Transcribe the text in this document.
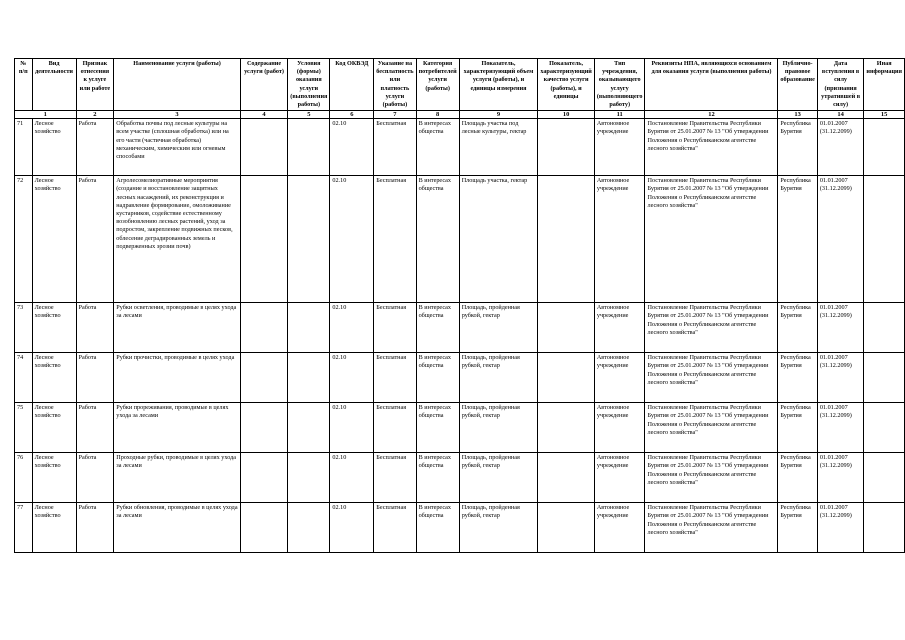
№ п/п	Вид деятельности	Признак отнесения к услуге или работе	Наименование услуги (работы)	Содержание услуги (работ)	Условия (формы) оказания услуги (выполнения работы)	Код ОКВЭД	Указание на бесплатность или платность услуги (работы)	Категория потребителей услуги (работы)	Показатель, характеризующий объем услуги (работы), и единицы измерения	Показатель, характеризующий качество услуги (работы), и единицы	Тип учреждения, оказывающего услугу (выполняющего работу)	Реквизиты НПА, являющихся основанием для оказания услуги (выполнения работы)	Публично-правовое образование	Дата вступления в силу (признания утратившей в силу)	Иная информация
1		2	3	4	5	6	7	8	9	10	11	12	13	14	15
71	Лесное хозяйство	Работа	Обработка почвы под лесные культуры на всем участке (сплошная обработка) или на его части (частичная обработка) механическим, химическим или огневым способами			02.10	Бесплатная	В интересах общества	Площадь участка под лесные культуры, гектар		Автономное учреждение	Постановление Правительства Республики Бурятия от 25.01.2007 № 13 "Об утверждении Положения о Республиканском агентстве лесного хозяйства"	Республика Бурятия	01.01.2007 (31.12.2099)	
72	Лесное хозяйство	Работа	Агролесомелиоративные мероприятия (создание и восстановление защитных лесных насаждений, их реконструкция и надравление формирование, омоложивание кустарников, содействие естественному возобновлению лесных растений, уход за подростом, закрепление подвижных песков, облесение деградированных земель и подверженных эрозии почв)			02.10	Бесплатная	В интересах общества	Площадь участка, гектар		Автономное учреждение	Постановление Правительства Республики Бурятия от 25.01.2007 № 13 "Об утверждении Положения о Республиканском агентстве лесного хозяйства"	Республика Бурятия	01.01.2007 (31.12.2099)	
73	Лесное хозяйство	Работа	Рубки осветления, проводимые в целях ухода за лесами			02.10	Бесплатная	В интересах общества	Площадь, пройденная рубкой, гектар		Автономное учреждение	Постановление Правительства Республики Бурятия от 25.01.2007 № 13 "Об утверждении Положения о Республиканском агентстве лесного хозяйства"	Республика Бурятия	01.01.2007 (31.12.2099)	
74	Лесное хозяйство	Работа	Рубки прочистки, проводимые в целях ухода			02.10	Бесплатная	В интересах общества	Площадь, пройденная рубкой, гектар		Автономное учреждение	Постановление Правительства Республики Бурятия от 25.01.2007 № 13 "Об утверждении Положения о Республиканском агентстве лесного хозяйства"	Республика Бурятия	01.01.2007 (31.12.2099)	
75	Лесное хозяйство	Работа	Рубки прореживания, проводимые в целях ухода за лесами			02.10	Бесплатная	В интересах общества	Площадь, пройденная рубкой, гектар		Автономное учреждение	Постановление Правительства Республики Бурятия от 25.01.2007 № 13 "Об утверждении Положения о Республиканском агентстве лесного хозяйства"	Республика Бурятия	01.01.2007 (31.12.2099)	
76	Лесное хозяйство	Работа	Проходные рубки, проводимые в целях ухода за лесами			02.10	Бесплатная	В интересах общества	Площадь, пройденная рубкой, гектар		Автономное учреждение	Постановление Правительства Республики Бурятия от 25.01.2007 № 13 "Об утверждении Положения о Республиканском агентстве лесного хозяйства"	Республика Бурятия	01.01.2007 (31.12.2099)	
77	Лесное хозяйство	Работа	Рубки обновления, проводимые в целях ухода за лесами			02.10	Бесплатная	В интересах общества	Площадь, пройденная рубкой, гектар		Автономное учреждение	Постановление Правительства Республики Бурятия от 25.01.2007 № 13 "Об утверждении Положения о Республиканском агентстве лесного хозяйства"	Республика Бурятия	01.01.2007 (31.12.2099)	
